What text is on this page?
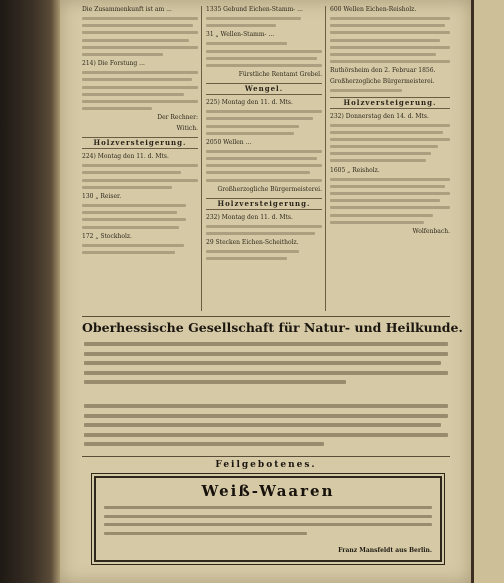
Die Zusammenkunft ist am ...
214) Die Forstung ...
Der Rechner:
Witich.
Holzversteigerung.
224) Montag den 11. d. Mts.
130 „ Reiser.
172 „ Stockholz.
1335 Gebund Eichen-Stamm- ...
31 „ Wellen-Stamm- ...
Fürstliche Rentamt Grebel.
Wengel.
225) Montag den 11. d. Mts.
2050 Wellen ...
Großherzogliche Bürgermeisterei.
Holzversteigerung.
232) Montag den 11. d. Mts.
29 Stecken Eichen-Scheitholz.
600 Wellen Eichen-Reisholz.
Ruthörsheim den 2. Februar 1856.
Großherzogliche Bürgermeisterei.
Holzversteigerung.
232) Donnerstag den 14. d. Mts.
1605 „ Reisholz.
Wolfenbach.
Oberhessische Gesellschaft für Natur- und Heilkunde.
Feilgebotenes.
Weiß-Waaren
Franz Mansfeldt aus Berlin.
